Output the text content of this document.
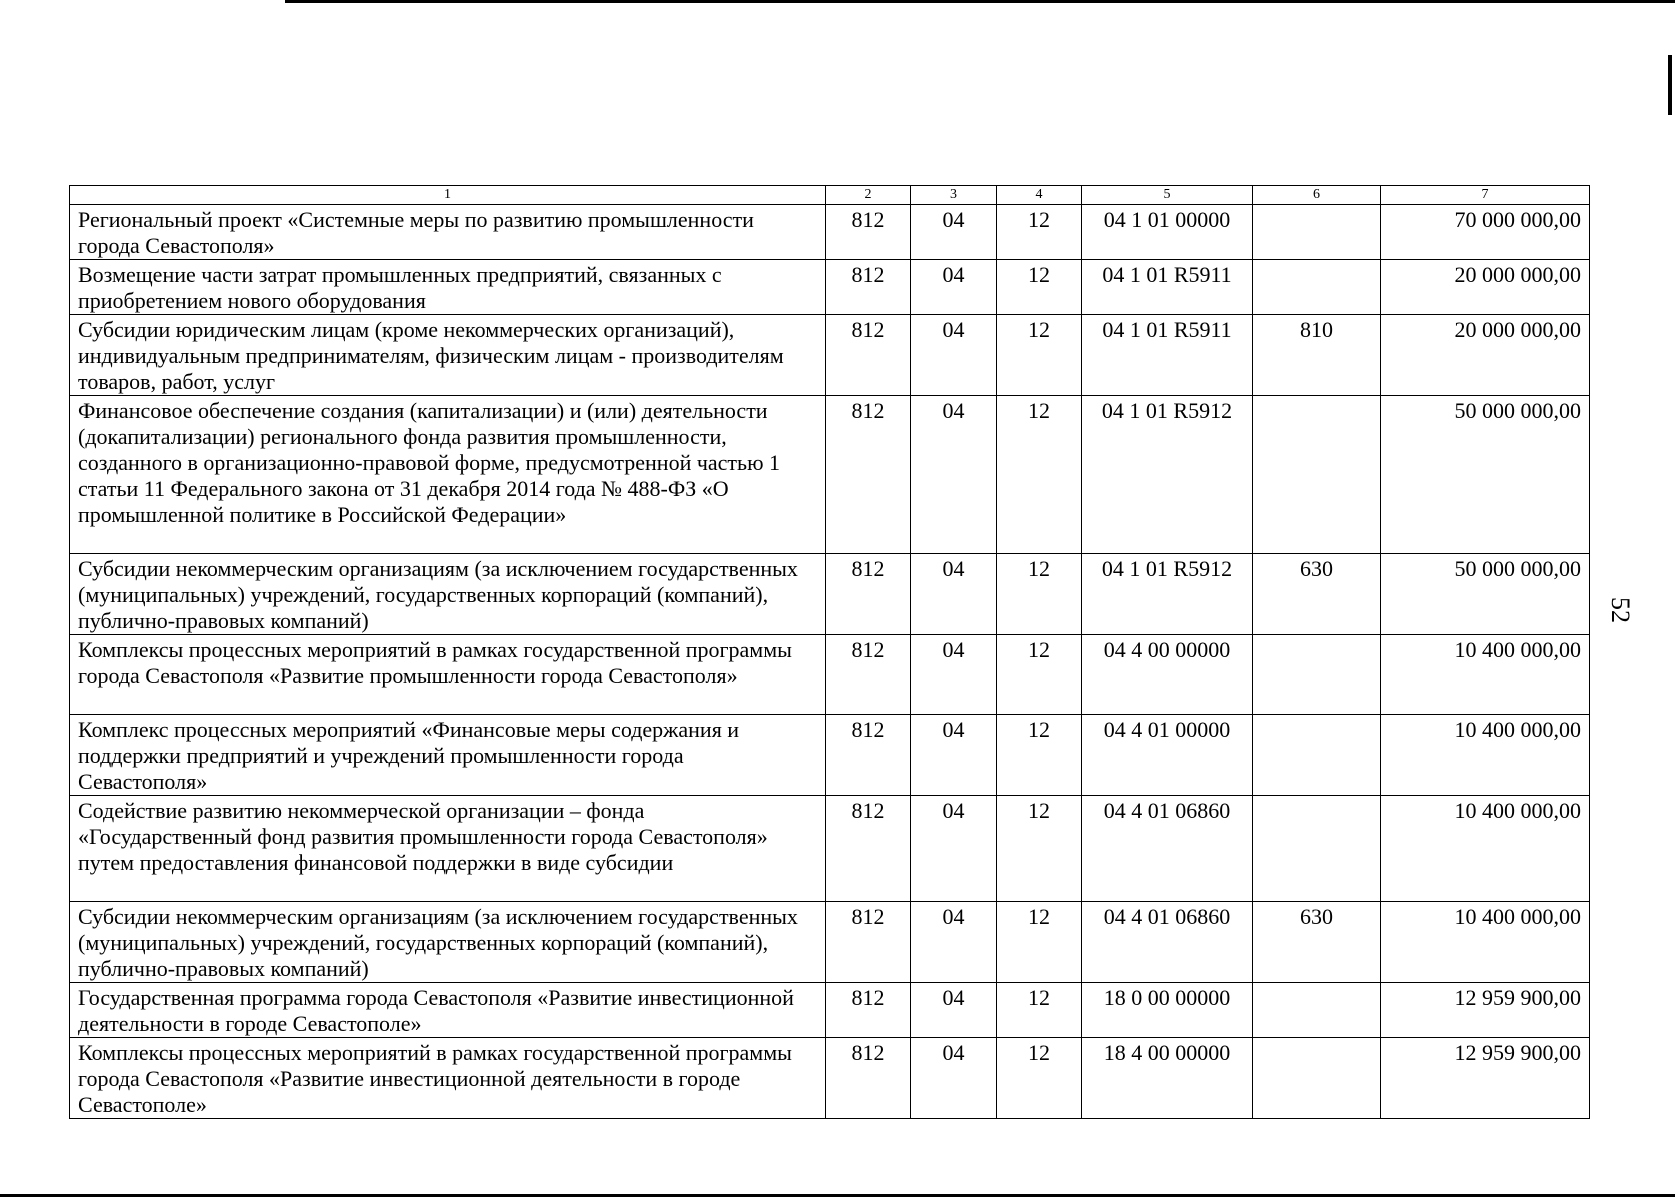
52
1	2	3	4	5	6	7
Региональный проект «Системные меры по развитию промышленности города Севастополя»	812	04	12	04 1 01 00000		70 000 000,00
Возмещение части затрат промышленных предприятий, связанных с приобретением нового оборудования	812	04	12	04 1 01 R5911		20 000 000,00
Субсидии юридическим лицам (кроме некоммерческих организаций), индивидуальным предпринимателям, физическим лицам - производителям товаров, работ, услуг	812	04	12	04 1 01 R5911	810	20 000 000,00
Финансовое обеспечение создания (капитализации) и (или) деятельности (докапитализации) регионального фонда развития промышленности, созданного в организационно-правовой форме, предусмотренной частью 1 статьи 11 Федерального закона от 31 декабря 2014 года № 488-ФЗ «О промышленной политике в Российской Федерации»	812	04	12	04 1 01 R5912		50 000 000,00
Субсидии некоммерческим организациям (за исключением государственных (муниципальных) учреждений, государственных корпораций (компаний), публично-правовых компаний)	812	04	12	04 1 01 R5912	630	50 000 000,00
Комплексы процессных мероприятий в рамках государственной программы города Севастополя «Развитие промышленности города Севастополя»	812	04	12	04 4 00 00000		10 400 000,00
Комплекс процессных мероприятий «Финансовые меры содержания и поддержки предприятий и учреждений промышленности города Севастополя»	812	04	12	04 4 01 00000		10 400 000,00
Содействие развитию некоммерческой организации – фонда «Государственный фонд развития промышленности города Севастополя» путем предоставления финансовой поддержки в виде субсидии	812	04	12	04 4 01 06860		10 400 000,00
Субсидии некоммерческим организациям (за исключением государственных (муниципальных) учреждений, государственных корпораций (компаний), публично-правовых компаний)	812	04	12	04 4 01 06860	630	10 400 000,00
Государственная программа города Севастополя «Развитие инвестиционной деятельности в городе Севастополе»	812	04	12	18 0 00 00000		12 959 900,00
Комплексы процессных мероприятий в рамках государственной программы города Севастополя «Развитие инвестиционной деятельности в городе Севастополе»	812	04	12	18 4 00 00000		12 959 900,00
